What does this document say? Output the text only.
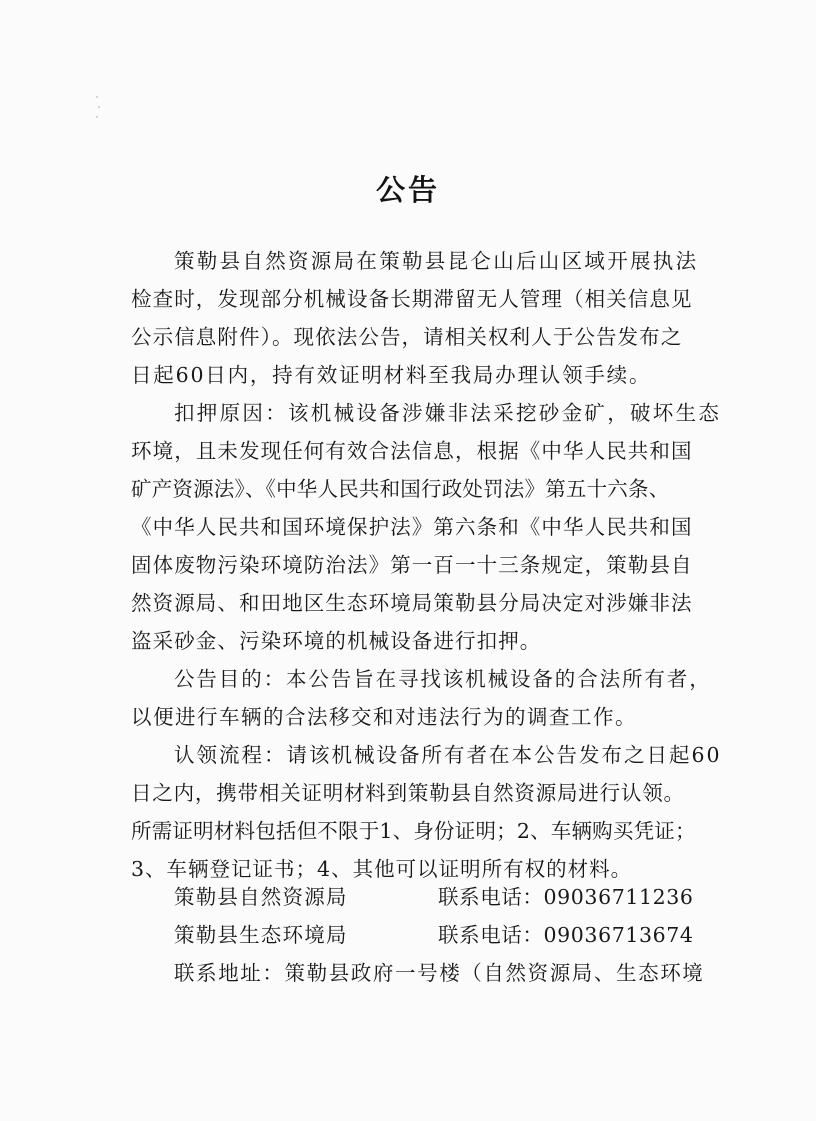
公告
策勒县自然资源局在策勒县昆仑山后山区域开展执法
检查时，发现部分机械设备长期滞留无人管理（相关信息见
公示信息附件）。现依法公告，请相关权利人于公告发布之
日起60日内，持有效证明材料至我局办理认领手续。
扣押原因：该机械设备涉嫌非法采挖砂金矿，破坏生态
环境，且未发现任何有效合法信息，根据《中华人民共和国
矿产资源法》、《中华人民共和国行政处罚法》第五十六条、
《中华人民共和国环境保护法》第六条和《中华人民共和国
固体废物污染环境防治法》第一百一十三条规定，策勒县自
然资源局、和田地区生态环境局策勒县分局决定对涉嫌非法
盗采砂金、污染环境的机械设备进行扣押。
公告目的：本公告旨在寻找该机械设备的合法所有者，
以便进行车辆的合法移交和对违法行为的调查工作。
认领流程：请该机械设备所有者在本公告发布之日起60
日之内，携带相关证明材料到策勒县自然资源局进行认领。
所需证明材料包括但不限于1、身份证明；2、车辆购买凭证；
3、车辆登记证书；4、其他可以证明所有权的材料。
策勒县自然资源局	联系电话：09036711236
策勒县生态环境局	联系电话：09036713674
联系地址：策勒县政府一号楼（自然资源局、生态环境
